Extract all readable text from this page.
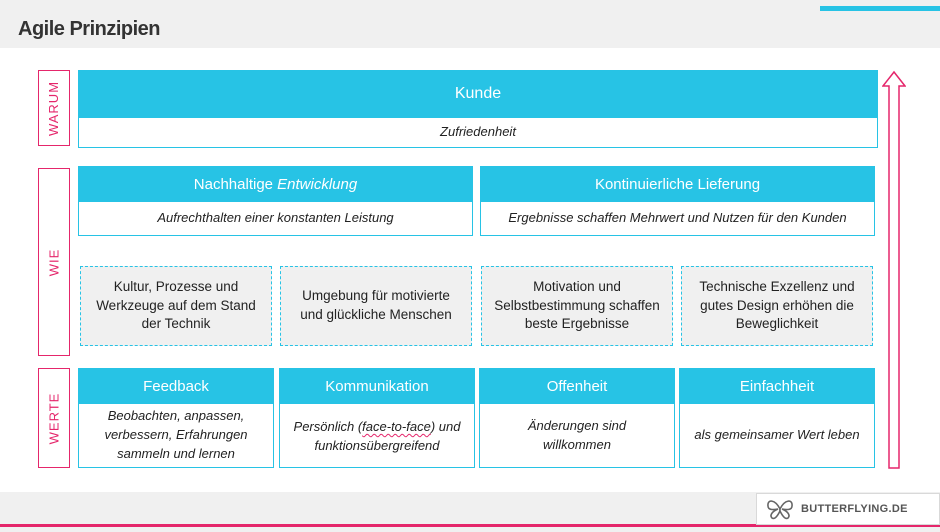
Agile Prinzipien
WARUM
WIE
WERTE
Kunde
Zufriedenheit
Nachhaltige Entwicklung
Aufrechthalten einer konstanten Leistung
Kontinuierliche Lieferung
Ergebnisse schaffen Mehrwert und Nutzen für den Kunden
Kultur, Prozesse und Werkzeuge auf dem Stand der Technik
Umgebung für motivierte und glückliche Menschen
Motivation und Selbstbestimmung schaffen beste Ergebnisse
Technische Exzellenz und gutes Design erhöhen die Beweglichkeit
Feedback
Beobachten, anpassen, verbessern, Erfahrungen sammeln und lernen
Kommunikation
Persönlich (face-to-face) und funktionsübergreifend
Offenheit
Änderungen sind willkommen
Einfachheit
als gemeinsamer Wert leben
BUTTERFLYING.DE
